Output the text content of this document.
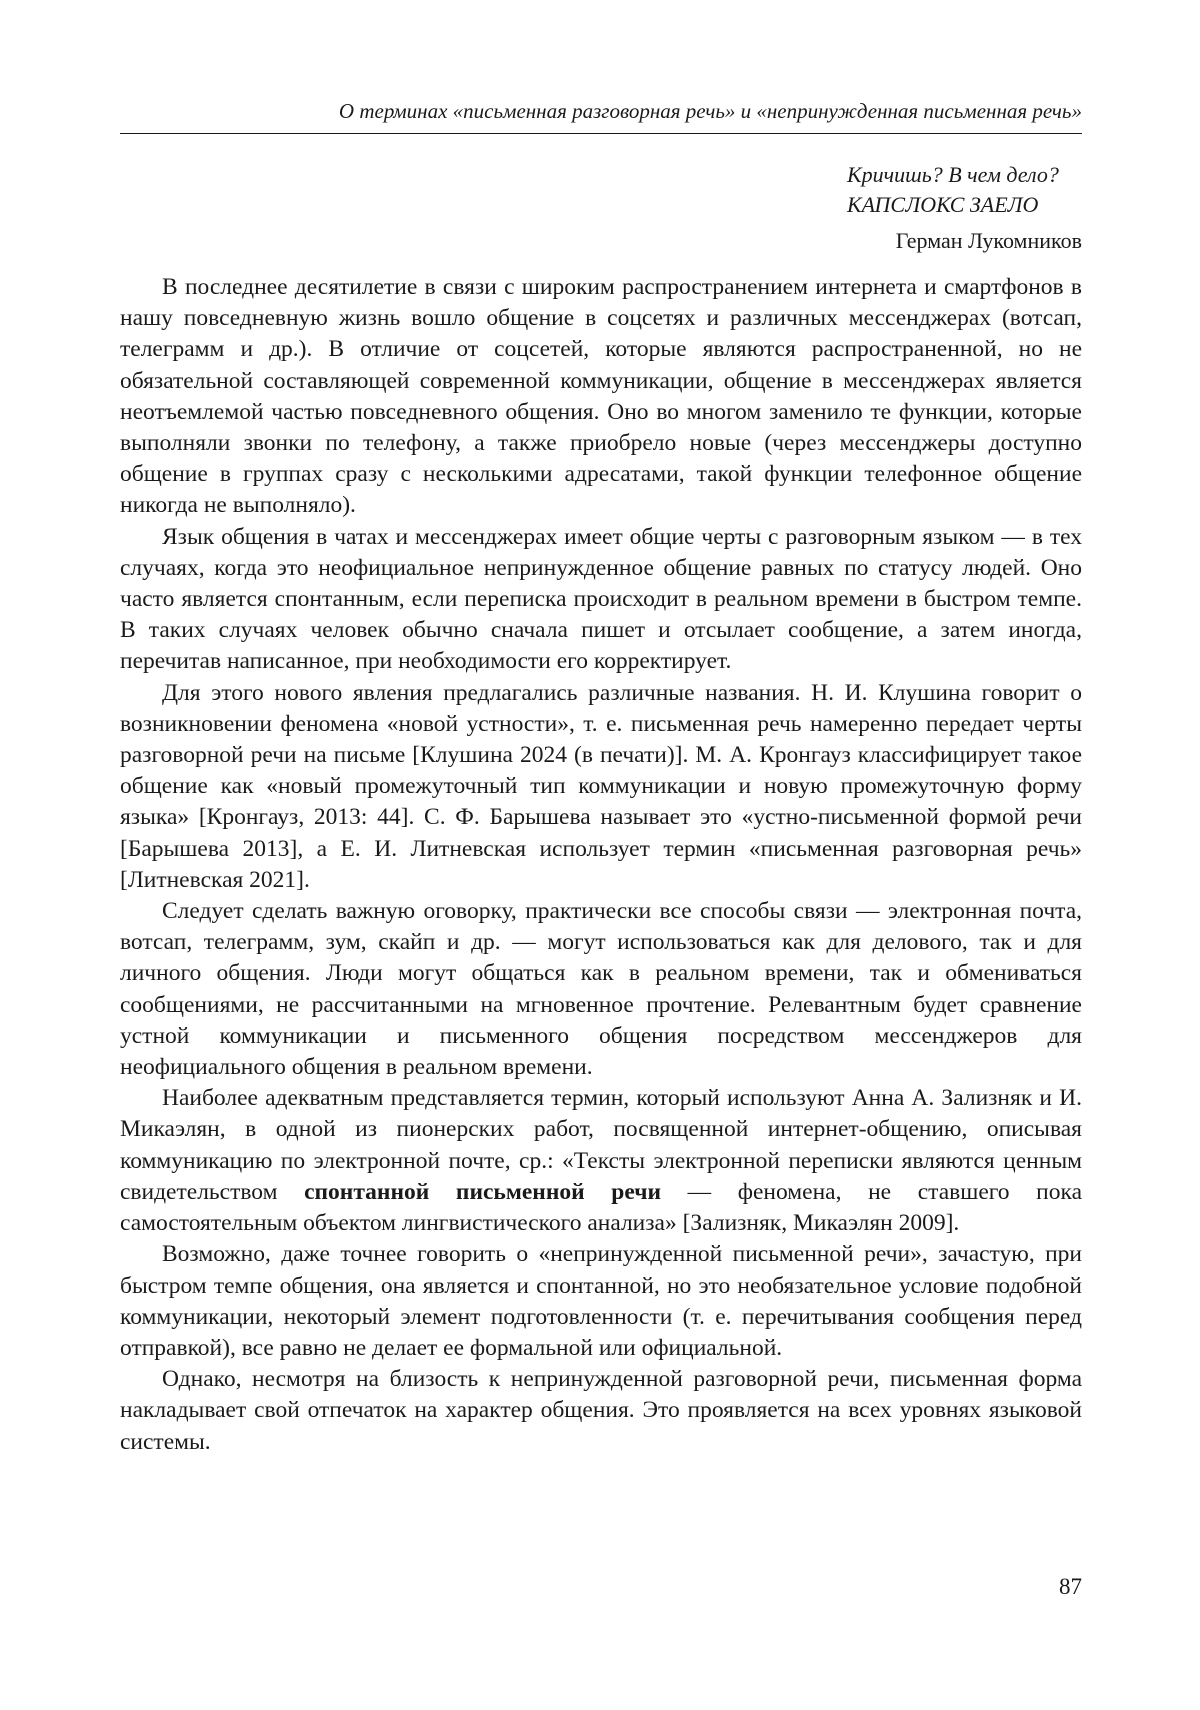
О терминах «письменная разговорная речь» и «непринужденная письменная речь»
Кричишь? В чем дело?
КАПСЛОКС ЗАЕЛО
Герман Лукомников

В последнее десятилетие в связи с широким распространением интернета и смартфонов в нашу повседневную жизнь вошло общение в соцсетях и различных мессенджерах (вотсап, телеграмм и др.). В отличие от соцсетей, которые являются распространенной, но не обязательной составляющей современной коммуникации, общение в мессенджерах является неотъемлемой частью повседневного общения. Оно во многом заменило те функции, которые выполняли звонки по телефону, а также приобрело новые (через мессенджеры доступно общение в группах сразу с несколькими адресатами, такой функции телефонное общение никогда не выполняло).

Язык общения в чатах и мессенджерах имеет общие черты с разговорным языком — в тех случаях, когда это неофициальное непринужденное общение равных по статусу людей. Оно часто является спонтанным, если переписка происходит в реальном времени в быстром темпе. В таких случаях человек обычно сначала пишет и отсылает сообщение, а затем иногда, перечитав написанное, при необходимости его корректирует.

Для этого нового явления предлагались различные названия. Н. И. Клушина говорит о возникновении феномена «новой устности», т. е. письменная речь намеренно передает черты разговорной речи на письме [Клушина 2024 (в печати)]. М. А. Кронгауз классифицирует такое общение как «новый промежуточный тип коммуникации и новую промежуточную форму языка» [Кронгауз, 2013: 44]. С. Ф. Барышева называет это «устно-письменной формой речи [Барышева 2013], а Е. И. Литневская использует термин «письменная разговорная речь» [Литневская 2021].

Следует сделать важную оговорку, практически все способы связи — электронная почта, вотсап, телеграмм, зум, скайп и др. — могут использоваться как для делового, так и для личного общения. Люди могут общаться как в реальном времени, так и обмениваться сообщениями, не рассчитанными на мгновенное прочтение. Релевантным будет сравнение устной коммуникации и письменного общения посредством мессенджеров для неофициального общения в реальном времени.

Наиболее адекватным представляется термин, который используют Анна А. Зализняк и И. Микаэлян, в одной из пионерских работ, посвященной интернет-общению, описывая коммуникацию по электронной почте, ср.: «Тексты электронной переписки являются ценным свидетельством спонтанной письменной речи — феномена, не ставшего пока самостоятельным объектом лингвистического анализа» [Зализняк, Микаэлян 2009].

Возможно, даже точнее говорить о «непринужденной письменной речи», зачастую, при быстром темпе общения, она является и спонтанной, но это необязательное условие подобной коммуникации, некоторый элемент подготовленности (т. е. перечитывания сообщения перед отправкой), все равно не делает ее формальной или официальной.

Однако, несмотря на близость к непринужденной разговорной речи, письменная форма накладывает свой отпечаток на характер общения. Это проявляется на всех уровнях языковой системы.

87
